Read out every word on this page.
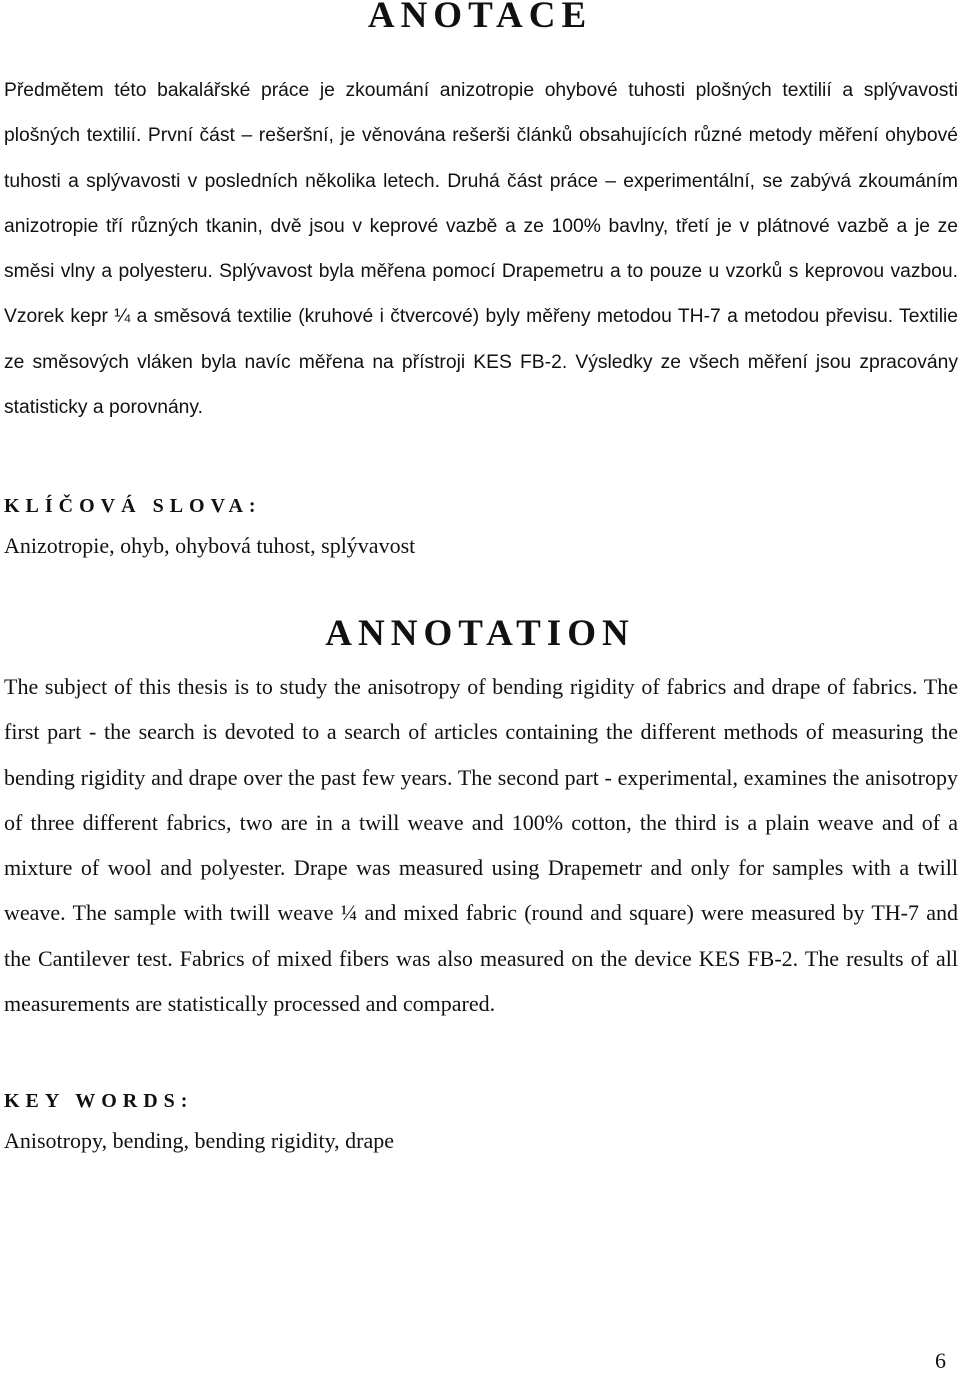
ANOTACE

Předmětem této bakalářské práce je zkoumání anizotropie ohybové tuhosti plošných textilií a splývavosti plošných textilií. První část – rešeršní, je věnována rešerši článků obsahujících různé metody měření ohybové tuhosti a splývavosti v posledních několika letech. Druhá část práce – experimentální, se zabývá zkoumáním anizotropie tří různých tkanin, dvě jsou v keprové vazbě a ze 100% bavlny, třetí je v plátnové vazbě a je ze směsi vlny a polyesteru. Splývavost byla měřena pomocí Drapemetru a to pouze u vzorků s keprovou vazbou. Vzorek kepr ¼ a směsová textilie (kruhové i čtvercové) byly měřeny metodou TH-7 a metodou převisu. Textilie ze směsových vláken byla navíc měřena na přístroji KES FB-2. Výsledky ze všech měření jsou zpracovány statisticky a porovnány.

KLÍČOVÁ SLOVA:

Anizotropie, ohyb, ohybová tuhost, splývavost

ANNOTATION

The subject of this thesis is to study the anisotropy of bending rigidity of fabrics and drape of fabrics. The first part - the search is devoted to a search of articles containing the different methods of measuring the bending rigidity and drape over the past few years. The second part - experimental, examines the anisotropy of three different fabrics, two are in a twill weave and 100% cotton, the third is a plain weave and of a mixture of wool and polyester. Drape was measured using Drapemetr and only for samples with a twill weave. The sample with twill weave ¼ and mixed fabric (round and square) were measured by TH-7 and the Cantilever test. Fabrics of mixed fibers was also measured on the device KES FB-2. The results of all measurements are statistically processed and compared.

KEY WORDS:

Anisotropy, bending, bending rigidity, drape

6
